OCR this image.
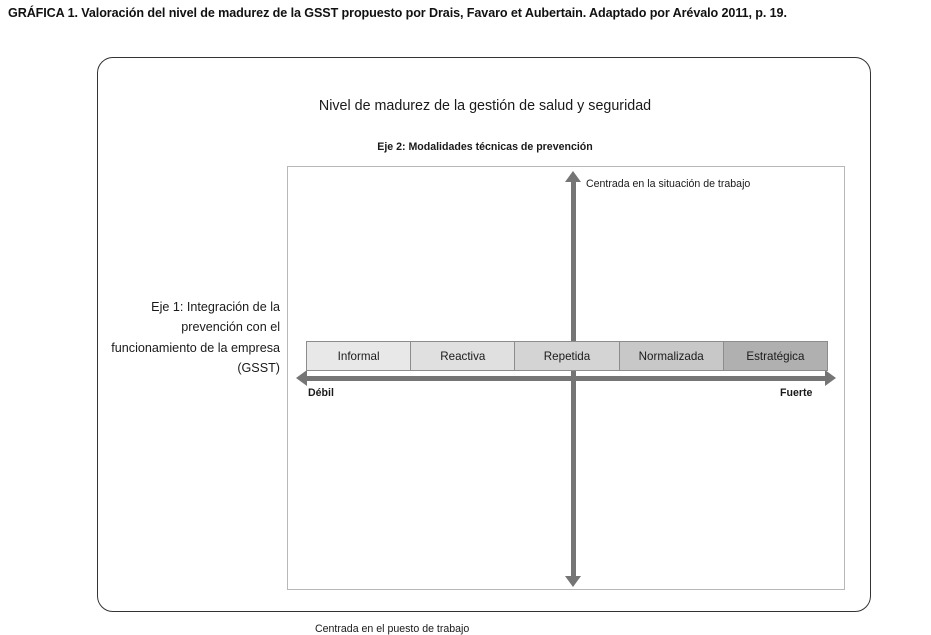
GRÁFICA 1. Valoración del nivel de madurez de la GSST propuesto por Drais, Favaro et Aubertain. Adaptado por Arévalo 2011, p. 19.
Nivel de madurez de la gestión de salud y seguridad
Eje 2: Modalidades técnicas de prevención
Eje 1: Integración de la prevención con el funcionamiento de la empresa (GSST)
Centrada en la situación de trabajo
Centrada en el puesto de trabajo
Débil	Fuerte
Informal	Reactiva	Repetida	Normalizada	Estratégica
